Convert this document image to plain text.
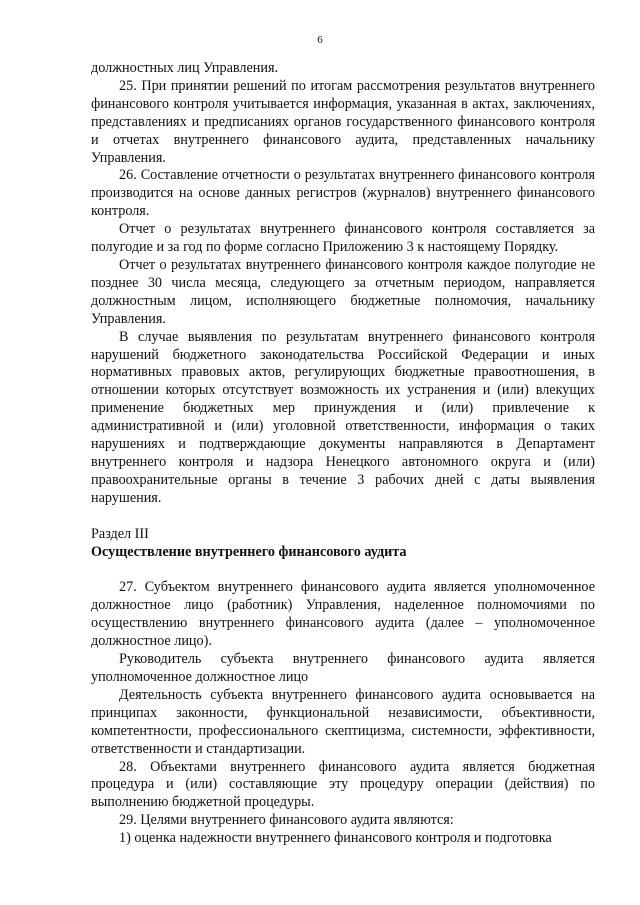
6

должностных лиц Управления.

25. При принятии решений по итогам рассмотрения результатов внутреннего финансового контроля учитывается информация, указанная в актах, заключениях, представлениях и предписаниях органов государственного финансового контроля и отчетах внутреннего финансового аудита, представленных начальнику Управления.

26. Составление отчетности о результатах внутреннего финансового контроля производится на основе данных регистров (журналов) внутреннего финансового контроля.

Отчет о результатах внутреннего финансового контроля составляется за полугодие и за год по форме согласно Приложению 3 к настоящему Порядку.

Отчет о результатах внутреннего финансового контроля каждое полугодие не позднее 30 числа месяца, следующего за отчетным периодом, направляется должностным лицом, исполняющего бюджетные полномочия, начальнику Управления.

В случае выявления по результатам внутреннего финансового контроля нарушений бюджетного законодательства Российской Федерации и иных нормативных правовых актов, регулирующих бюджетные правоотношения, в отношении которых отсутствует возможность их устранения и (или) влекущих применение бюджетных мер принуждения и (или) привлечение к административной и (или) уголовной ответственности, информация о таких нарушениях и подтверждающие документы направляются в Департамент внутреннего контроля и надзора Ненецкого автономного округа и (или) правоохранительные органы в течение 3 рабочих дней с даты выявления нарушения.

Раздел III

Осуществление внутреннего финансового аудита

27. Субъектом внутреннего финансового аудита является уполномоченное должностное лицо (работник) Управления, наделенное полномочиями по осуществлению внутреннего финансового аудита (далее – уполномоченное должностное лицо).

Руководитель субъекта внутреннего финансового аудита является уполномоченное должностное лицо

Деятельность субъекта внутреннего финансового аудита основывается на принципах законности, функциональной независимости, объективности, компетентности, профессионального скептицизма, системности, эффективности, ответственности и стандартизации.

28. Объектами внутреннего финансового аудита является бюджетная процедура и (или) составляющие эту процедуру операции (действия) по выполнению бюджетной процедуры.

29. Целями внутреннего финансового аудита являются:

1) оценка надежности внутреннего финансового контроля и подготовка
